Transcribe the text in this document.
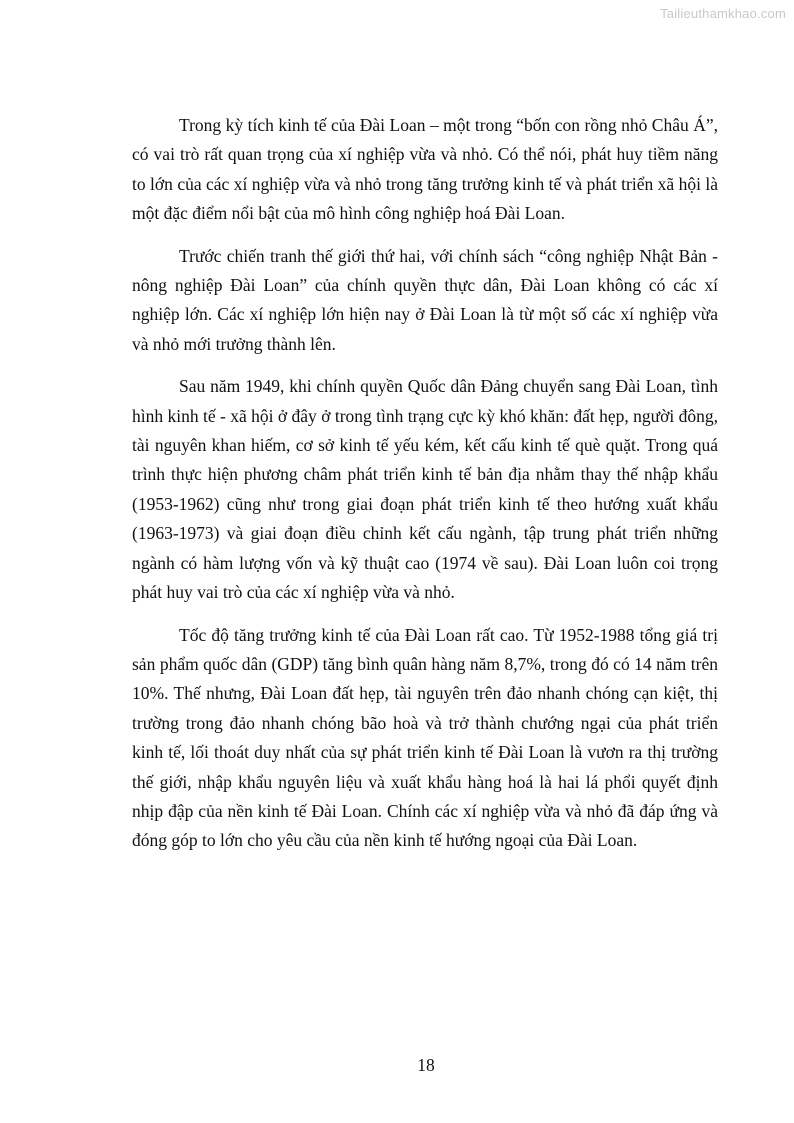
Tailieuthamkhao.com

Trong kỳ tích kinh tế của Đài Loan – một trong “bốn con rồng nhỏ Châu Á”, có vai trò rất quan trọng của xí nghiệp vừa và nhỏ. Có thể nói, phát huy tiềm năng to lớn của các xí nghiệp vừa và nhỏ trong tăng trưởng kinh tế và phát triển xã hội là một đặc điểm nổi bật của mô hình công nghiệp hoá Đài Loan.

Trước chiến tranh thế giới thứ hai, với chính sách “công nghiệp Nhật Bản - nông nghiệp Đài Loan” của chính quyền thực dân, Đài Loan không có các xí nghiệp lớn. Các xí nghiệp lớn hiện nay ở Đài Loan là từ một số các xí nghiệp vừa và nhỏ mới trưởng thành lên.

Sau năm 1949, khi chính quyền Quốc dân Đảng chuyển sang Đài Loan, tình hình kinh tế - xã hội ở đây ở trong tình trạng cực kỳ khó khăn: đất hẹp, người đông, tài nguyên khan hiếm, cơ sở kinh tế yếu kém, kết cấu kinh tế què quặt. Trong quá trình thực hiện phương châm phát triển kinh tế bản địa nhằm thay thế nhập khẩu (1953-1962) cũng như trong giai đoạn phát triển kinh tế theo hướng xuất khẩu (1963-1973) và giai đoạn điều chỉnh kết cấu ngành, tập trung phát triển những ngành có hàm lượng vốn và kỹ thuật cao (1974 về sau). Đài Loan luôn coi trọng phát huy vai trò của các xí nghiệp vừa và nhỏ.

Tốc độ tăng trưởng kinh tế của Đài Loan rất cao. Từ 1952-1988 tổng giá trị sản phẩm quốc dân (GDP) tăng bình quân hàng năm 8,7%, trong đó có 14 năm trên 10%. Thế nhưng, Đài Loan đất hẹp, tài nguyên trên đảo nhanh chóng cạn kiệt, thị trường trong đảo nhanh chóng bão hoà và trở thành chướng ngại của phát triển kinh tế, lối thoát duy nhất của sự phát triển kinh tế Đài Loan là vươn ra thị trường thế giới, nhập khẩu nguyên liệu và xuất khẩu hàng hoá là hai lá phổi quyết định nhịp đập của nền kinh tế Đài Loan. Chính các xí nghiệp vừa và nhỏ đã đáp ứng và đóng góp to lớn cho yêu cầu của nền kinh tế hướng ngoại của Đài Loan.

18
